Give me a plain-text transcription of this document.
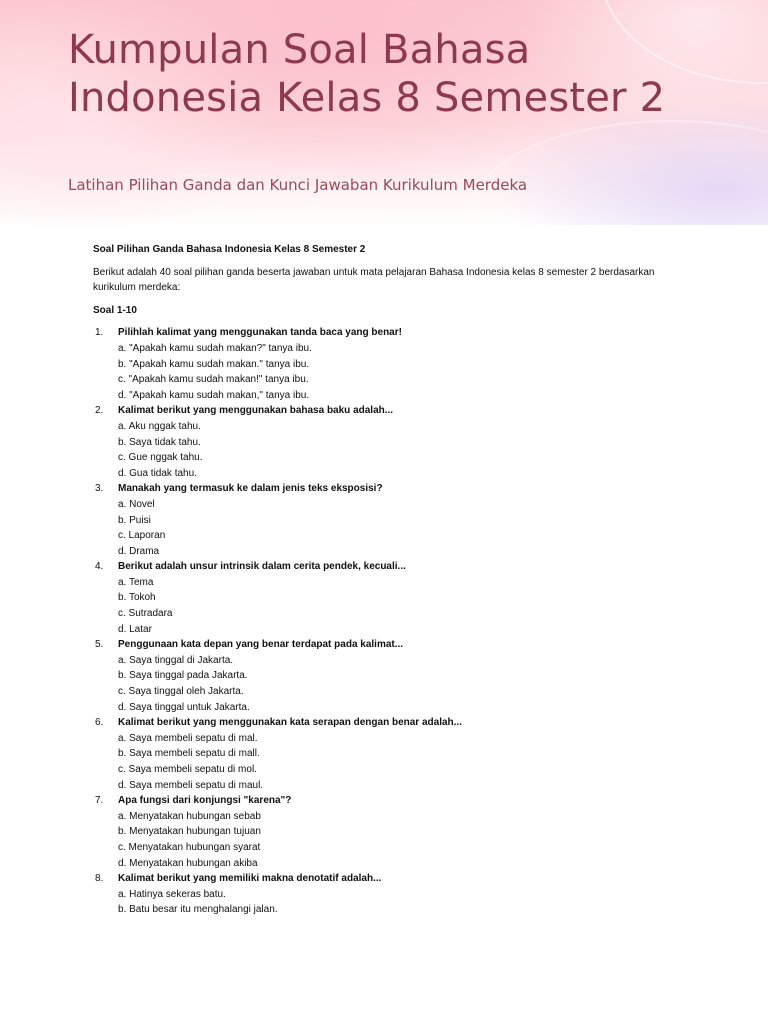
Kumpulan Soal Bahasa Indonesia Kelas 8 Semester 2
Latihan Pilihan Ganda dan Kunci Jawaban Kurikulum Merdeka

Soal Pilihan Ganda Bahasa Indonesia Kelas 8 Semester 2

Berikut adalah 40 soal pilihan ganda beserta jawaban untuk mata pelajaran Bahasa Indonesia kelas 8 semester 2 berdasarkan kurikulum merdeka:

Soal 1-10

1. Pilihlah kalimat yang menggunakan tanda baca yang benar!
a. "Apakah kamu sudah makan?" tanya ibu.
b. "Apakah kamu sudah makan." tanya ibu.
c. "Apakah kamu sudah makan!" tanya ibu.
d. "Apakah kamu sudah makan," tanya ibu.
2. Kalimat berikut yang menggunakan bahasa baku adalah...
a. Aku nggak tahu.
b. Saya tidak tahu.
c. Gue nggak tahu.
d. Gua tidak tahu.
3. Manakah yang termasuk ke dalam jenis teks eksposisi?
a. Novel
b. Puisi
c. Laporan
d. Drama
4. Berikut adalah unsur intrinsik dalam cerita pendek, kecuali...
a. Tema
b. Tokoh
c. Sutradara
d. Latar
5. Penggunaan kata depan yang benar terdapat pada kalimat...
a. Saya tinggal di Jakarta.
b. Saya tinggal pada Jakarta.
c. Saya tinggal oleh Jakarta.
d. Saya tinggal untuk Jakarta.
6. Kalimat berikut yang menggunakan kata serapan dengan benar adalah...
a. Saya membeli sepatu di mal.
b. Saya membeli sepatu di mall.
c. Saya membeli sepatu di mol.
d. Saya membeli sepatu di maul.
7. Apa fungsi dari konjungsi "karena"?
a. Menyatakan hubungan sebab
b. Menyatakan hubungan tujuan
c. Menyatakan hubungan syarat
d. Menyatakan hubungan akiba
8. Kalimat berikut yang memiliki makna denotatif adalah...
a. Hatinya sekeras batu.
b. Batu besar itu menghalangi jalan.
